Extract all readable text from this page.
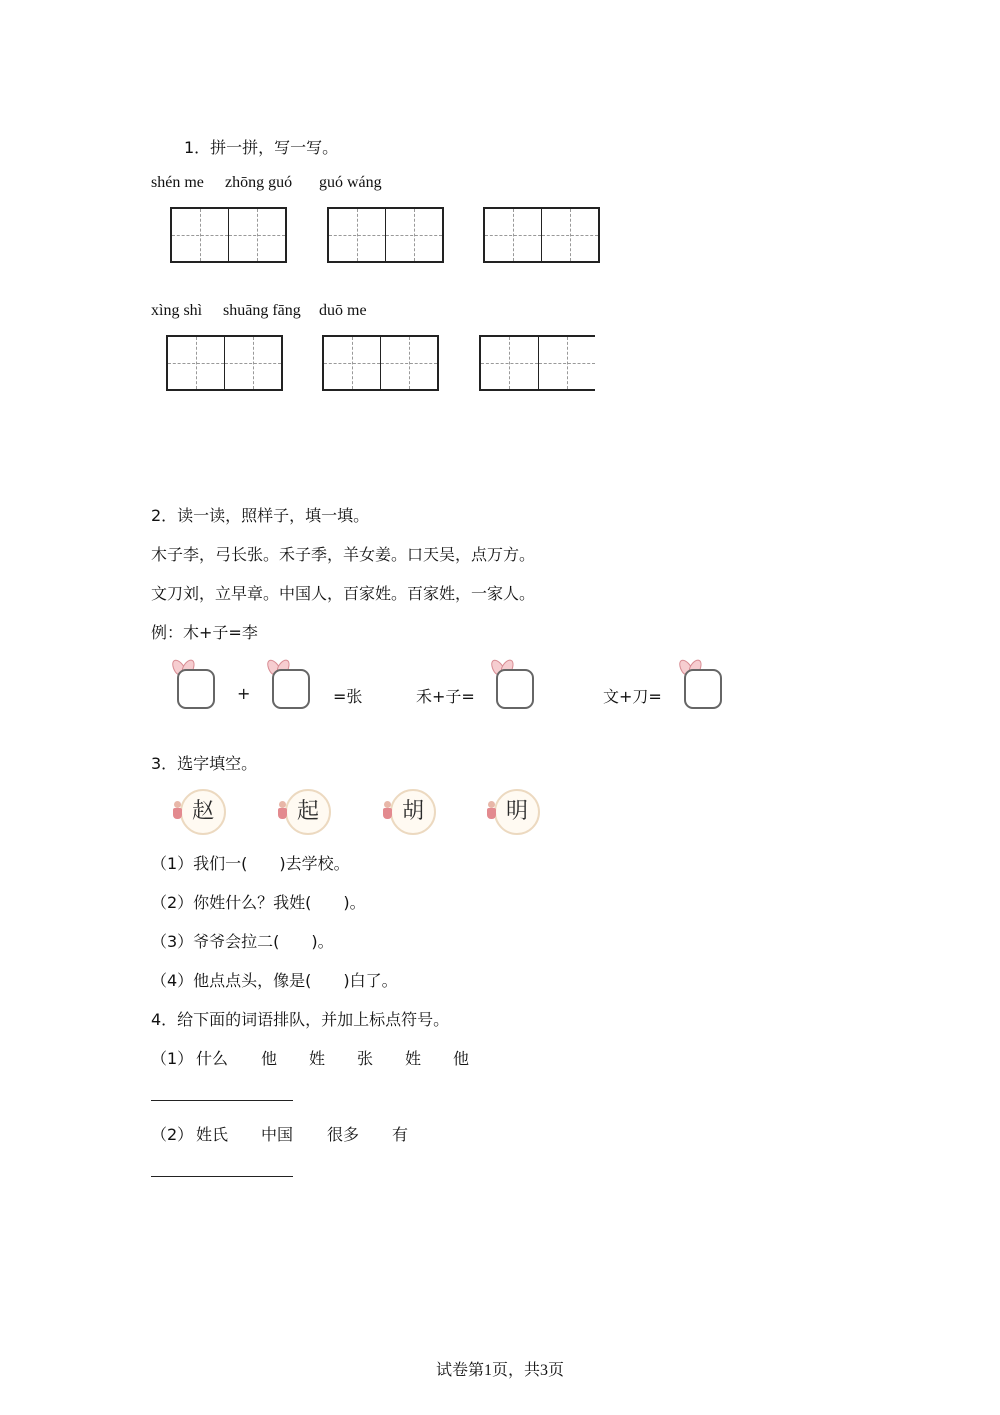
1．拼一拼，写一写。
shén me zhōng guó guó wáng
xìng shì shuāng fāng duō me
2．读一读，照样子，填一填。
木子李，弓长张。禾子季，羊女姜。口天吴，点万方。
文刀刘，立早章。中国人，百家姓。百家姓，一家人。
例：木+子=李
+	=张	禾+子=	文+刀=
3．选字填空。
赵	起	胡	明
（1）我们一(　　)去学校。
（2）你姓什么？我姓(　　)。
（3）爷爷会拉二(　　)。
（4）他点点头，像是(　　)白了。
4．给下面的词语排队，并加上标点符号。
（1） 什么 他 姓 张 姓 他
（2） 姓氏 中国 很多 有
试卷第1页，共3页
